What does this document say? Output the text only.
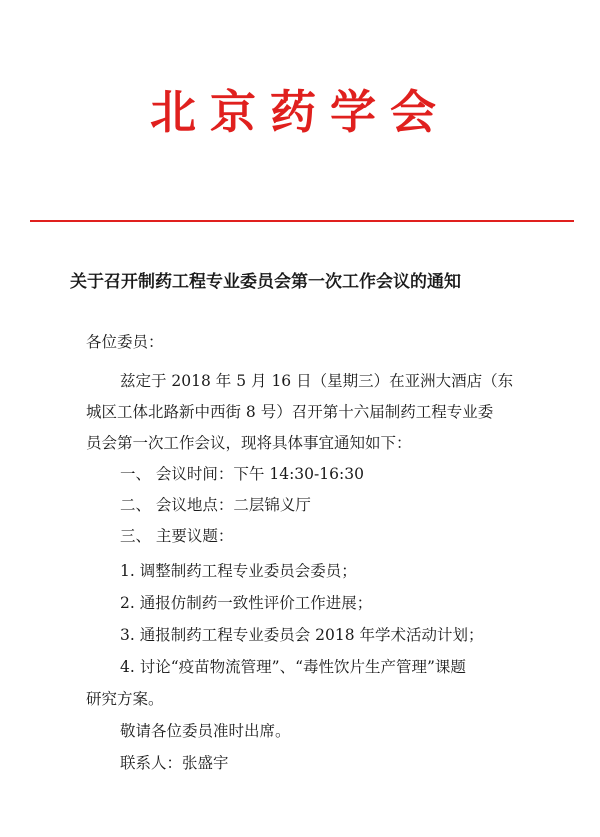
北京药学会
关于召开制药工程专业委员会第一次工作会议的通知
各位委员：
兹定于 2018 年 5 月 16 日（星期三）在亚洲大酒店（东
城区工体北路新中西街 8 号）召开第十六届制药工程专业委
员会第一次工作会议，现将具体事宜通知如下：
一、 会议时间：下午 14:30-16:30
二、 会议地点：二层锦义厅
三、 主要议题：
1. 调整制药工程专业委员会委员；
2. 通报仿制药一致性评价工作进展；
3. 通报制药工程专业委员会 2018 年学术活动计划；
4. 讨论“疫苗物流管理”、“毒性饮片生产管理”课题
研究方案。
敬请各位委员准时出席。
联系人：张盛宇
